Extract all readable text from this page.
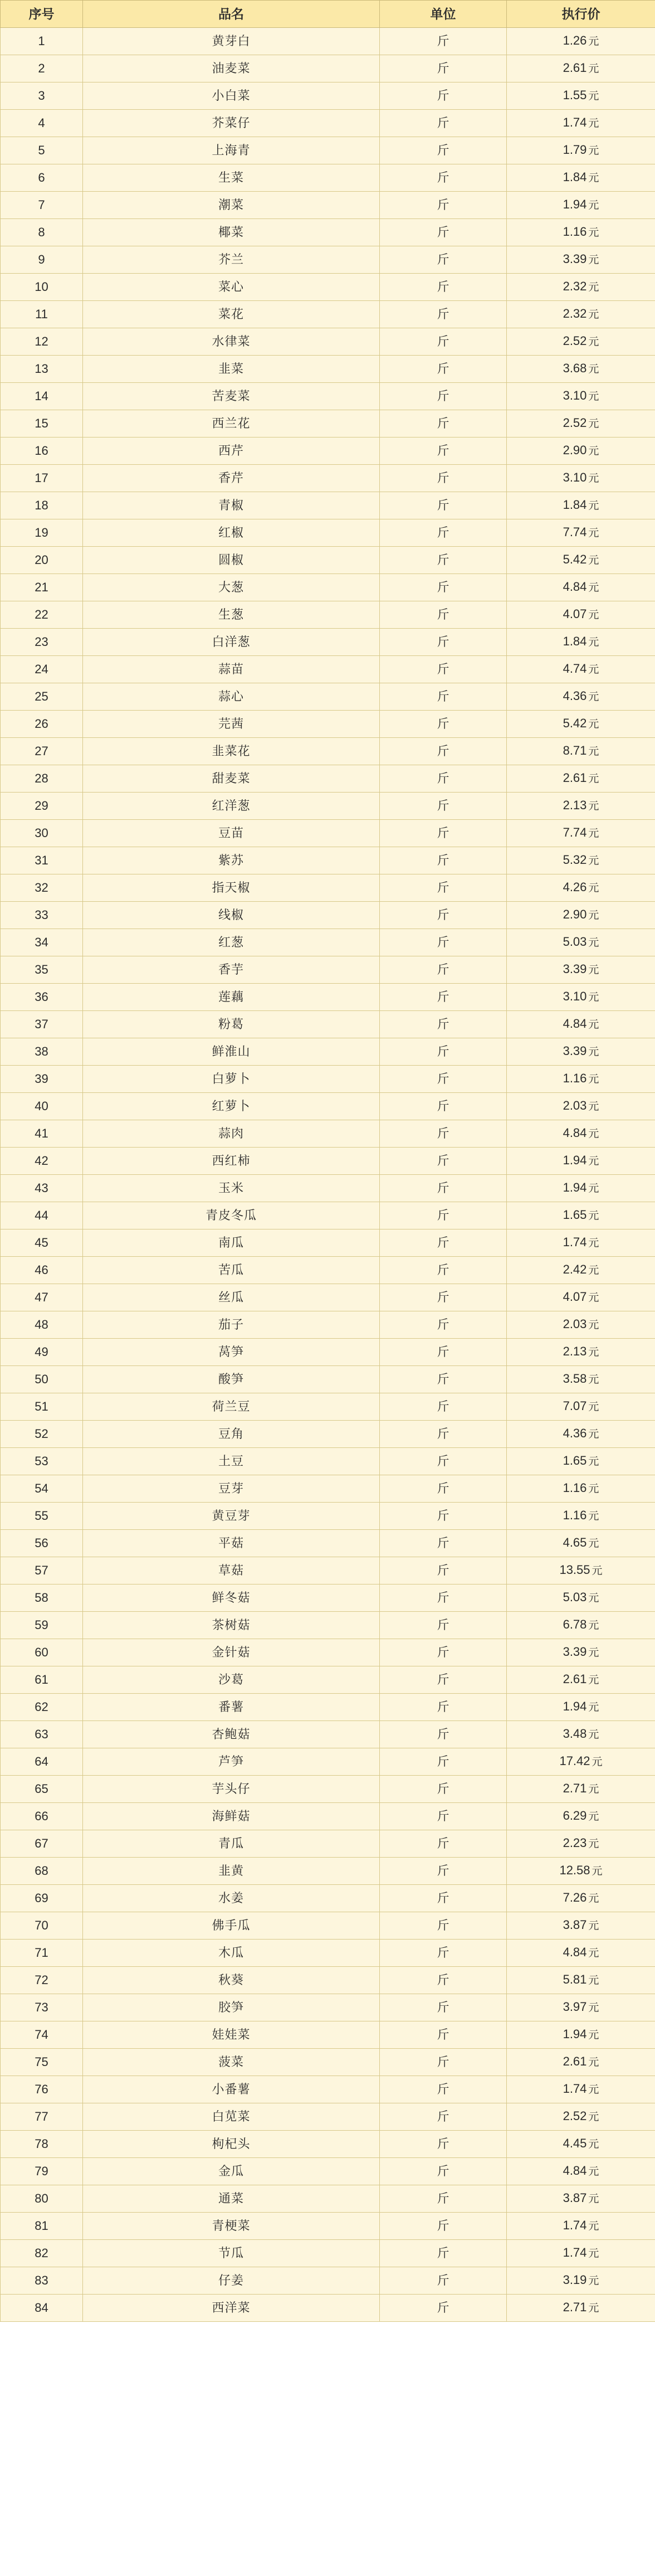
序号	品名	单位	执行价
1	黄芽白	斤	1.26 元
2	油麦菜	斤	2.61 元
3	小白菜	斤	1.55 元
4	芥菜仔	斤	1.74 元
5	上海青	斤	1.79 元
6	生菜	斤	1.84 元
7	潮菜	斤	1.94 元
8	椰菜	斤	1.16 元
9	芥兰	斤	3.39 元
10	菜心	斤	2.32 元
11	菜花	斤	2.32 元
12	水律菜	斤	2.52 元
13	韭菜	斤	3.68 元
14	苦麦菜	斤	3.10 元
15	西兰花	斤	2.52 元
16	西芹	斤	2.90 元
17	香芹	斤	3.10 元
18	青椒	斤	1.84 元
19	红椒	斤	7.74 元
20	圆椒	斤	5.42 元
21	大葱	斤	4.84 元
22	生葱	斤	4.07 元
23	白洋葱	斤	1.84 元
24	蒜苗	斤	4.74 元
25	蒜心	斤	4.36 元
26	芫茜	斤	5.42 元
27	韭菜花	斤	8.71 元
28	甜麦菜	斤	2.61 元
29	红洋葱	斤	2.13 元
30	豆苗	斤	7.74 元
31	紫苏	斤	5.32 元
32	指天椒	斤	4.26 元
33	线椒	斤	2.90 元
34	红葱	斤	5.03 元
35	香芋	斤	3.39 元
36	莲藕	斤	3.10 元
37	粉葛	斤	4.84 元
38	鲜淮山	斤	3.39 元
39	白萝卜	斤	1.16 元
40	红萝卜	斤	2.03 元
41	蒜肉	斤	4.84 元
42	西红柿	斤	1.94 元
43	玉米	斤	1.94 元
44	青皮冬瓜	斤	1.65 元
45	南瓜	斤	1.74 元
46	苦瓜	斤	2.42 元
47	丝瓜	斤	4.07 元
48	茄子	斤	2.03 元
49	莴笋	斤	2.13 元
50	酸笋	斤	3.58 元
51	荷兰豆	斤	7.07 元
52	豆角	斤	4.36 元
53	土豆	斤	1.65 元
54	豆芽	斤	1.16 元
55	黄豆芽	斤	1.16 元
56	平菇	斤	4.65 元
57	草菇	斤	13.55 元
58	鲜冬菇	斤	5.03 元
59	茶树菇	斤	6.78 元
60	金针菇	斤	3.39 元
61	沙葛	斤	2.61 元
62	番薯	斤	1.94 元
63	杏鲍菇	斤	3.48 元
64	芦笋	斤	17.42 元
65	芋头仔	斤	2.71 元
66	海鲜菇	斤	6.29 元
67	青瓜	斤	2.23 元
68	韭黄	斤	12.58 元
69	水姜	斤	7.26 元
70	佛手瓜	斤	3.87 元
71	木瓜	斤	4.84 元
72	秋葵	斤	5.81 元
73	胶笋	斤	3.97 元
74	娃娃菜	斤	1.94 元
75	菠菜	斤	2.61 元
76	小番薯	斤	1.74 元
77	白苋菜	斤	2.52 元
78	枸杞头	斤	4.45 元
79	金瓜	斤	4.84 元
80	通菜	斤	3.87 元
81	青梗菜	斤	1.74 元
82	节瓜	斤	1.74 元
83	仔姜	斤	3.19 元
84	西洋菜	斤	2.71 元
